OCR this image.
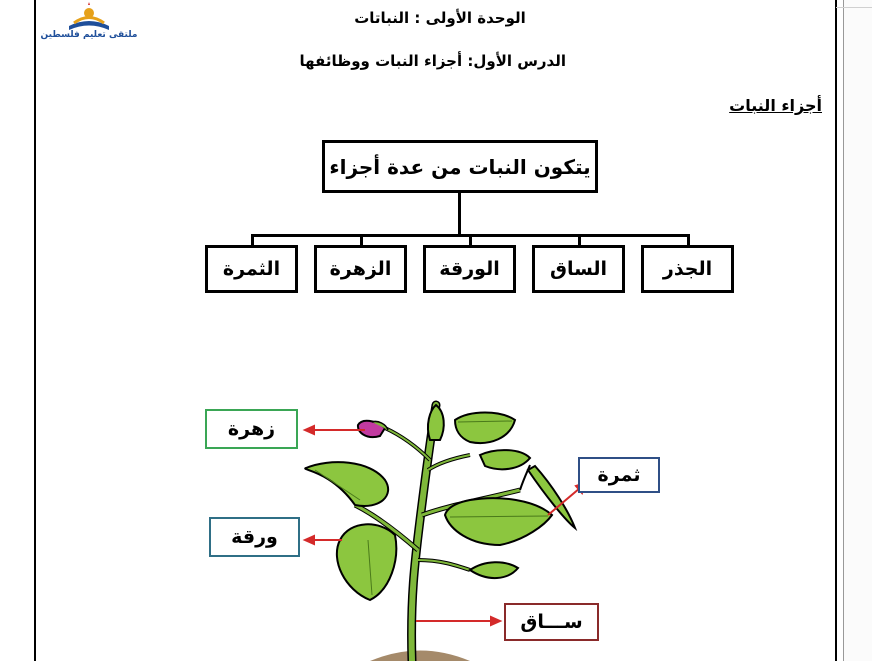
ملتقى تعليم فلسطين
الوحدة الأولى : النباتات
الدرس الأول: أجزاء النبات ووظائفها
أجزاء النبات
يتكون النبات من عدة أجزاء
الجذر
الساق
الورقة
الزهرة
الثمرة
زهرة
ورقة
ثمرة
ســـاق
